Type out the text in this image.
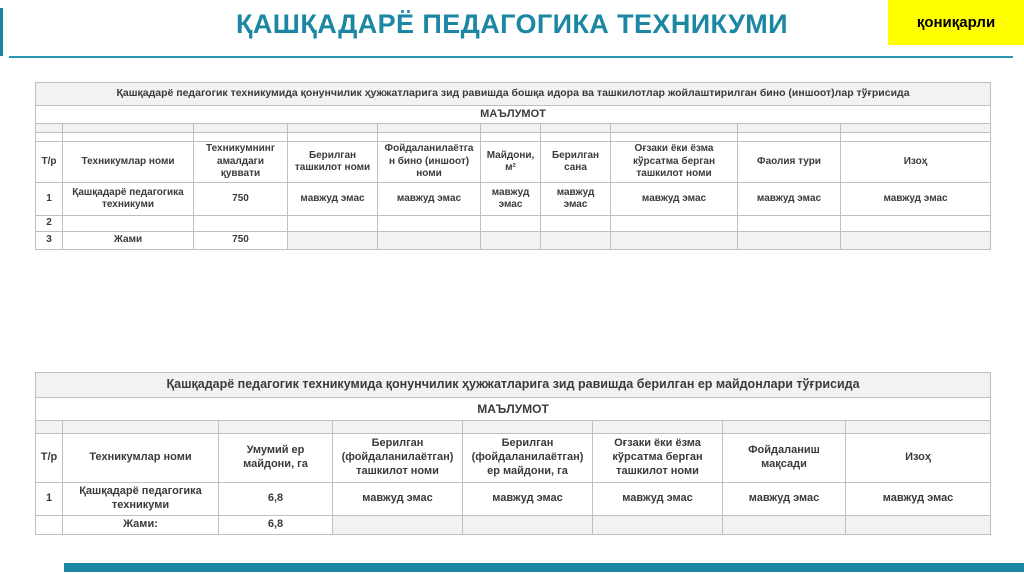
ҚАШҚАДАРЁ ПЕДАГОГИКА ТЕХНИКУМИ	қониқарли
Қашқадарё педагогик техникумида қонунчилик ҳужжатларига зид равишда бошқа идора ва ташкилотлар жойлаштирилган бино (иншоот)лар тўғрисида									
МАЪЛУМОТ									

Т/р	Техникумлар номи	Техникумнинг амалдаги қуввати	Берилган ташкилот номи	Фойдаланилаётган бино (иншоот) номи	Майдони, м²	Берилган сана	Оғзаки ёки ёзма кўрсатма берган ташкилот номи	Фаолия тури	Изоҳ
1	Қашқадарё педагогика техникуми	750	мавжуд эмас	мавжуд эмас	мавжуд эмас	мавжуд эмас	мавжуд эмас	мавжуд эмас	мавжуд эмас
2									
3	Жами	750							
Қашқадарё педагогик техникумида қонунчилик ҳужжатларига зид равишда берилган ер майдонлари тўғрисида							
МАЪЛУМОТ							

Т/р	Техникумлар номи	Умумий ер майдони, га	Берилган (фойдаланилаётган) ташкилот номи	Берилган (фойдаланилаётган) ер майдони, га	Оғзаки ёки ёзма кўрсатма берган ташкилот номи	Фойдаланиш мақсади	Изоҳ
1	Қашқадарё педагогика техникуми	6,8	мавжуд эмас	мавжуд эмас	мавжуд эмас	мавжуд эмас	мавжуд эмас
	Жами:	6,8					
